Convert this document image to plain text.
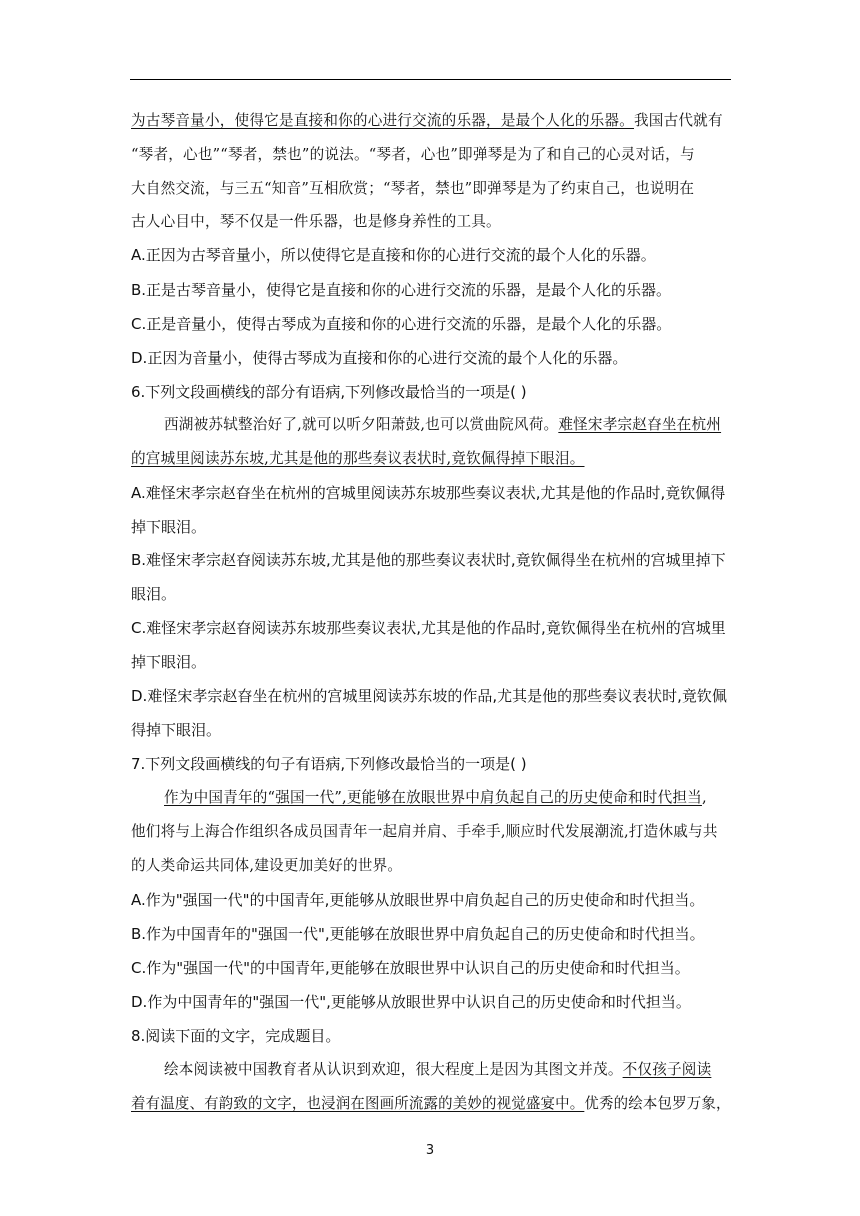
为古琴音量小，使得它是直接和你的心进行交流的乐器，是最个人化的乐器。我国古代就有
“琴者，心也”“琴者，禁也”的说法。“琴者，心也”即弹琴是为了和自己的心灵对话，与
大自然交流，与三五“知音”互相欣赏；“琴者，禁也”即弹琴是为了约束自己，也说明在
古人心目中，琴不仅是一件乐器，也是修身养性的工具。
A.正因为古琴音量小，所以使得它是直接和你的心进行交流的最个人化的乐器。
B.正是古琴音量小，使得它是直接和你的心进行交流的乐器，是最个人化的乐器。
C.正是音量小，使得古琴成为直接和你的心进行交流的乐器，是最个人化的乐器。
D.正因为音量小，使得古琴成为直接和你的心进行交流的最个人化的乐器。
6.下列文段画横线的部分有语病,下列修改最恰当的一项是( )
西湖被苏轼整治好了,就可以听夕阳萧鼓,也可以赏曲院风荷。难怪宋孝宗赵昚坐在杭州
的宫城里阅读苏东坡,尤其是他的那些奏议表状时,竟钦佩得掉下眼泪。
A.难怪宋孝宗赵昚坐在杭州的宫城里阅读苏东坡那些奏议表状,尤其是他的作品时,竟钦佩得
掉下眼泪。
B.难怪宋孝宗赵昚阅读苏东坡,尤其是他的那些奏议表状时,竟钦佩得坐在杭州的宫城里掉下
眼泪。
C.难怪宋孝宗赵昚阅读苏东坡那些奏议表状,尤其是他的作品时,竟钦佩得坐在杭州的宫城里
掉下眼泪。
D.难怪宋孝宗赵昚坐在杭州的宫城里阅读苏东坡的作品,尤其是他的那些奏议表状时,竟钦佩
得掉下眼泪。
7.下列文段画横线的句子有语病,下列修改最恰当的一项是( )
作为中国青年的“强国一代”,更能够在放眼世界中肩负起自己的历史使命和时代担当,
他们将与上海合作组织各成员国青年一起肩并肩、手牵手,顺应时代发展潮流,打造休戚与共
的人类命运共同体,建设更加美好的世界。
A.作为"强国一代"的中国青年,更能够从放眼世界中肩负起自己的历史使命和时代担当。
B.作为中国青年的"强国一代",更能够在放眼世界中肩负起自己的历史使命和时代担当。
C.作为"强国一代"的中国青年,更能够在放眼世界中认识自己的历史使命和时代担当。
D.作为中国青年的"强国一代",更能够从放眼世界中认识自己的历史使命和时代担当。
8.阅读下面的文字，完成题目。
绘本阅读被中国教育者从认识到欢迎，很大程度上是因为其图文并茂。不仅孩子阅读
着有温度、有韵致的文字，也浸润在图画所流露的美妙的视觉盛宴中。优秀的绘本包罗万象，
3
